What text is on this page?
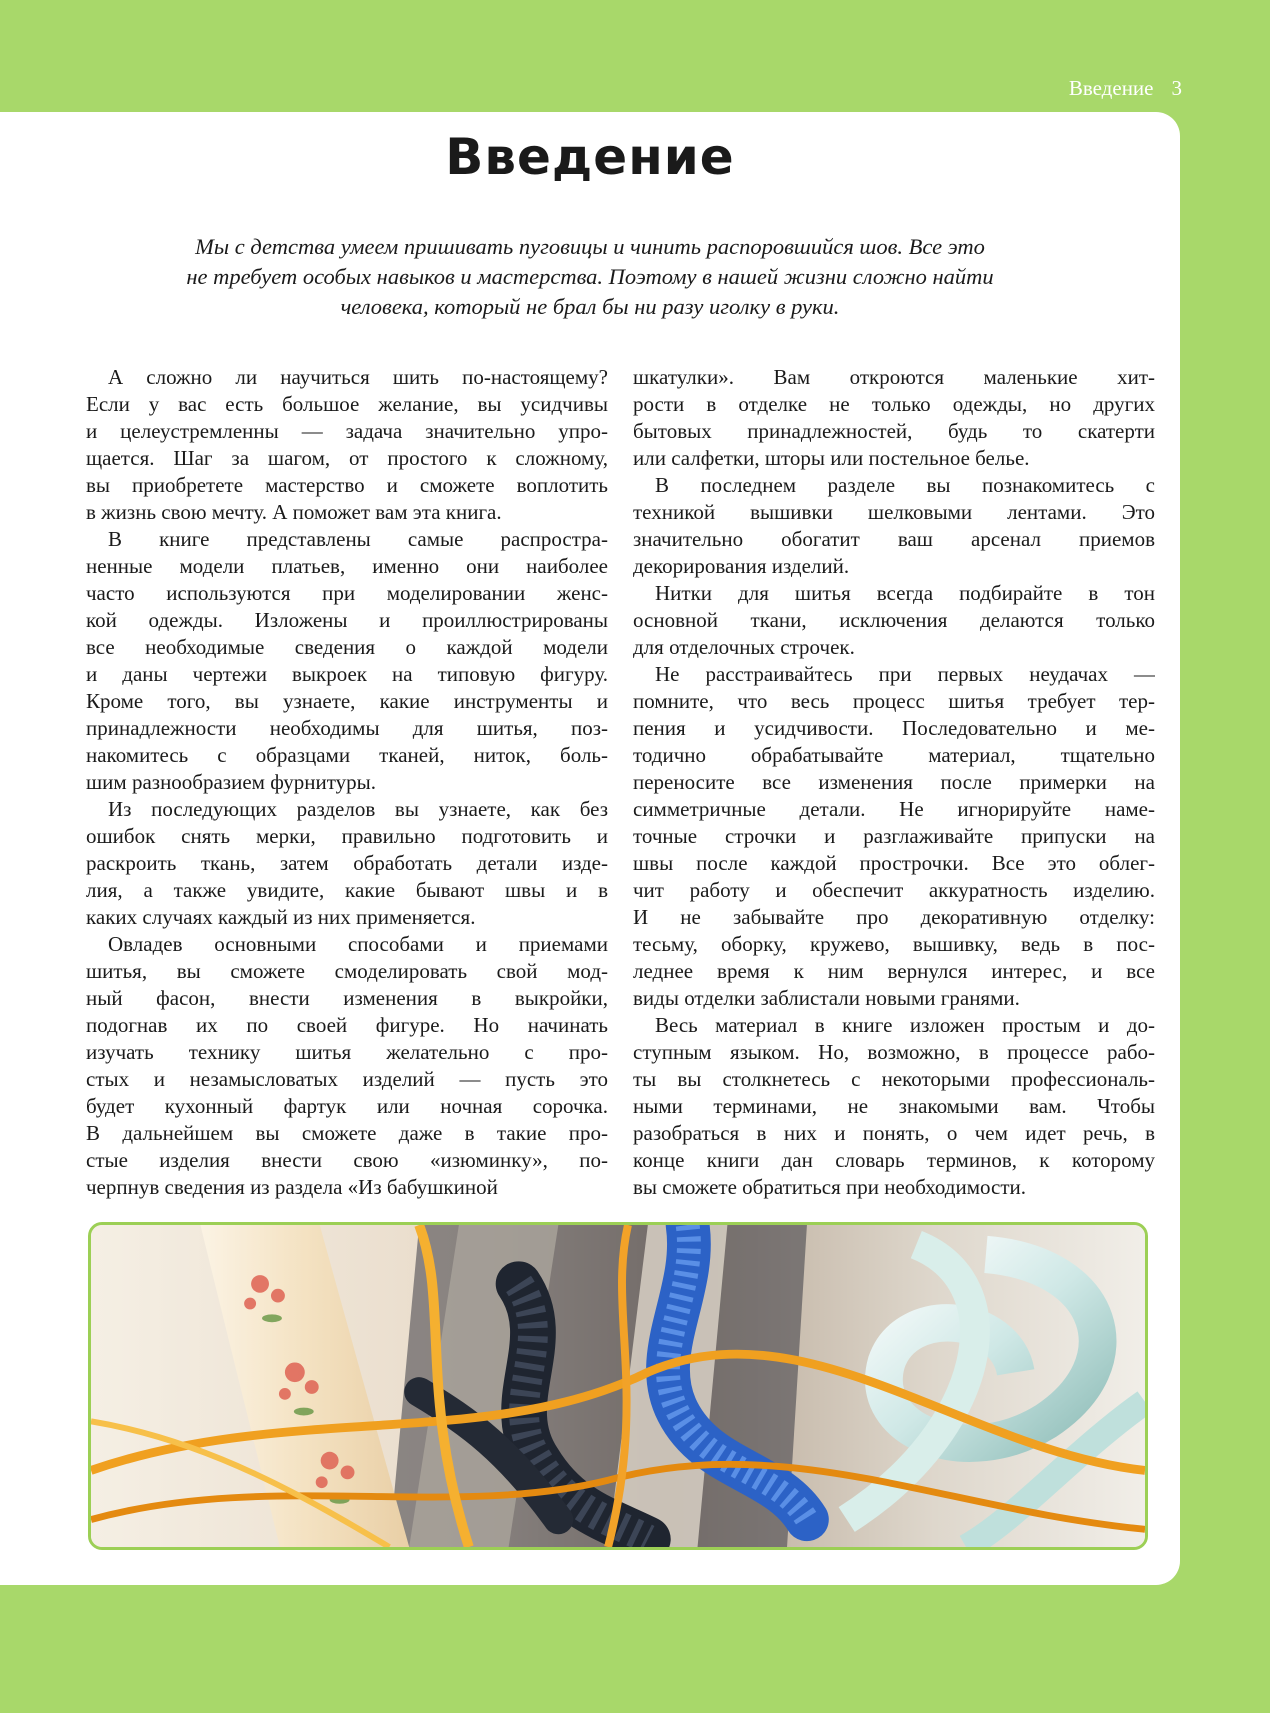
Введение 3
Введение
Мы с детства умеем пришивать пуговицы и чинить распоровшийся шов. Все это
не требует особых навыков и мастерства. Поэтому в нашей жизни сложно найти
человека, который не брал бы ни разу иголку в руки.
А сложно ли научиться шить по-настоящему?
Если у вас есть большое желание, вы усидчивы
и целеустремленны — задача значительно упро-
щается. Шаг за шагом, от простого к сложному,
вы приобретете мастерство и сможете воплотить
в жизнь свою мечту. А поможет вам эта книга.
В книге представлены самые распростра-
ненные модели платьев, именно они наиболее
часто используются при моделировании женс-
кой одежды. Изложены и проиллюстрированы
все необходимые сведения о каждой модели
и даны чертежи выкроек на типовую фигуру.
Кроме того, вы узнаете, какие инструменты и
принадлежности необходимы для шитья, поз-
накомитесь с образцами тканей, ниток, боль-
шим разнообразием фурнитуры.
Из последующих разделов вы узнаете, как без
ошибок снять мерки, правильно подготовить и
раскроить ткань, затем обработать детали изде-
лия, а также увидите, какие бывают швы и в
каких случаях каждый из них применяется.
Овладев основными способами и приемами
шитья, вы сможете смоделировать свой мод-
ный фасон, внести изменения в выкройки,
подогнав их по своей фигуре. Но начинать
изучать технику шитья желательно с про-
стых и незамысловатых изделий — пусть это
будет кухонный фартук или ночная сорочка.
В дальнейшем вы сможете даже в такие про-
стые изделия внести свою «изюминку», по-
черпнув сведения из раздела «Из бабушкиной
шкатулки». Вам откроются маленькие хит-
рости в отделке не только одежды, но других
бытовых принадлежностей, будь то скатерти
или салфетки, шторы или постельное белье.
В последнем разделе вы познакомитесь с
техникой вышивки шелковыми лентами. Это
значительно обогатит ваш арсенал приемов
декорирования изделий.
Нитки для шитья всегда подбирайте в тон
основной ткани, исключения делаются только
для отделочных строчек.
Не расстраивайтесь при первых неудачах —
помните, что весь процесс шитья требует тер-
пения и усидчивости. Последовательно и ме-
тодично обрабатывайте материал, тщательно
переносите все изменения после примерки на
симметричные детали. Не игнорируйте наме-
точные строчки и разглаживайте припуски на
швы после каждой прострочки. Все это облег-
чит работу и обеспечит аккуратность изделию.
И не забывайте про декоративную отделку:
тесьму, оборку, кружево, вышивку, ведь в пос-
леднее время к ним вернулся интерес, и все
виды отделки заблистали новыми гранями.
Весь материал в книге изложен простым и до-
ступным языком. Но, возможно, в процессе рабо-
ты вы столкнетесь с некоторыми профессиональ-
ными терминами, не знакомыми вам. Чтобы
разобраться в них и понять, о чем идет речь, в
конце книги дан словарь терминов, к которому
вы сможете обратиться при необходимости.
